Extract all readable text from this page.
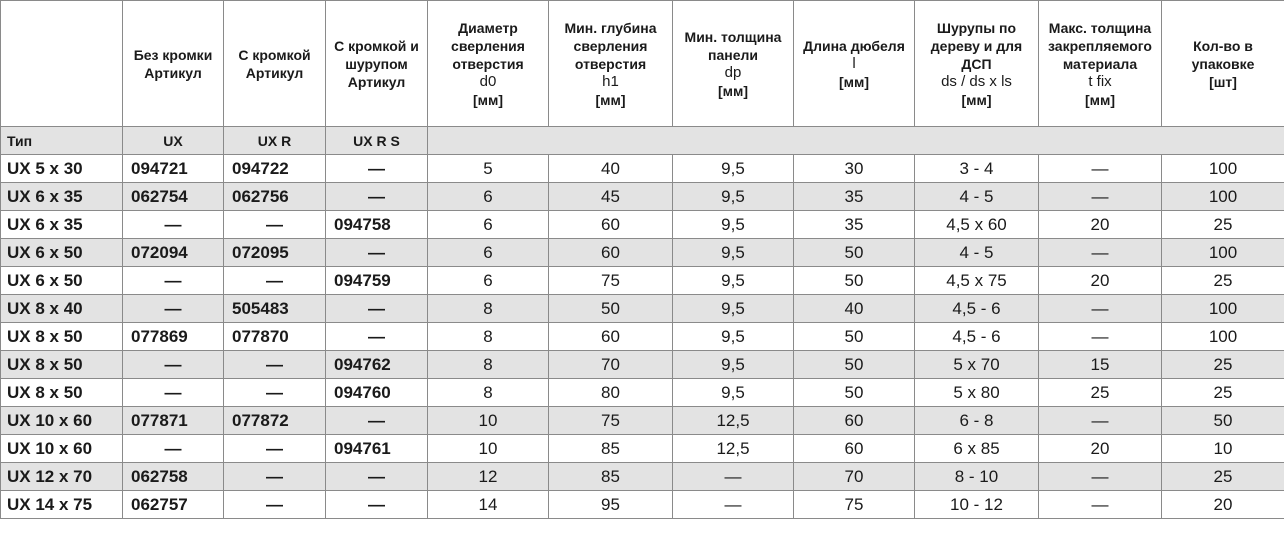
	Без кромки Артикул	С кромкой Артикул	С кромкой и шурупом Артикул	Диаметр сверления отверстия
d0
[мм]	Мин. глубина сверления отверстия
h1
[мм]	Мин. толщина панели
dp
[мм]	Длина дюбеля
l
[мм]	Шурупы по дереву и для ДСП
ds / ds x ls
[мм]	Макс. толщина закрепляемого материала
t fix
[мм]	Кол-во в упаковке
[шт]

Тип	UX	UX R	UX R S							
UX 5 x 30	094721	094722	—	5	40	9,5	30	3 - 4	—	100
UX 6 x 35	062754	062756	—	6	45	9,5	35	4 - 5	—	100
UX 6 x 35	—	—	094758	6	60	9,5	35	4,5 x 60	20	25
UX 6 x 50	072094	072095	—	6	60	9,5	50	4 - 5	—	100
UX 6 x 50	—	—	094759	6	75	9,5	50	4,5 x 75	20	25
UX 8 x 40	—	505483	—	8	50	9,5	40	4,5 - 6	—	100
UX 8 x 50	077869	077870	—	8	60	9,5	50	4,5 - 6	—	100
UX 8 x 50	—	—	094762	8	70	9,5	50	5 x 70	15	25
UX 8 x 50	—	—	094760	8	80	9,5	50	5 x 80	25	25
UX 10 x 60	077871	077872	—	10	75	12,5	60	6 - 8	—	50
UX 10 x 60	—	—	094761	10	85	12,5	60	6 x 85	20	10
UX 12 x 70	062758	—	—	12	85	—	70	8 - 10	—	25
UX 14 x 75	062757	—	—	14	95	—	75	10 - 12	—	20
